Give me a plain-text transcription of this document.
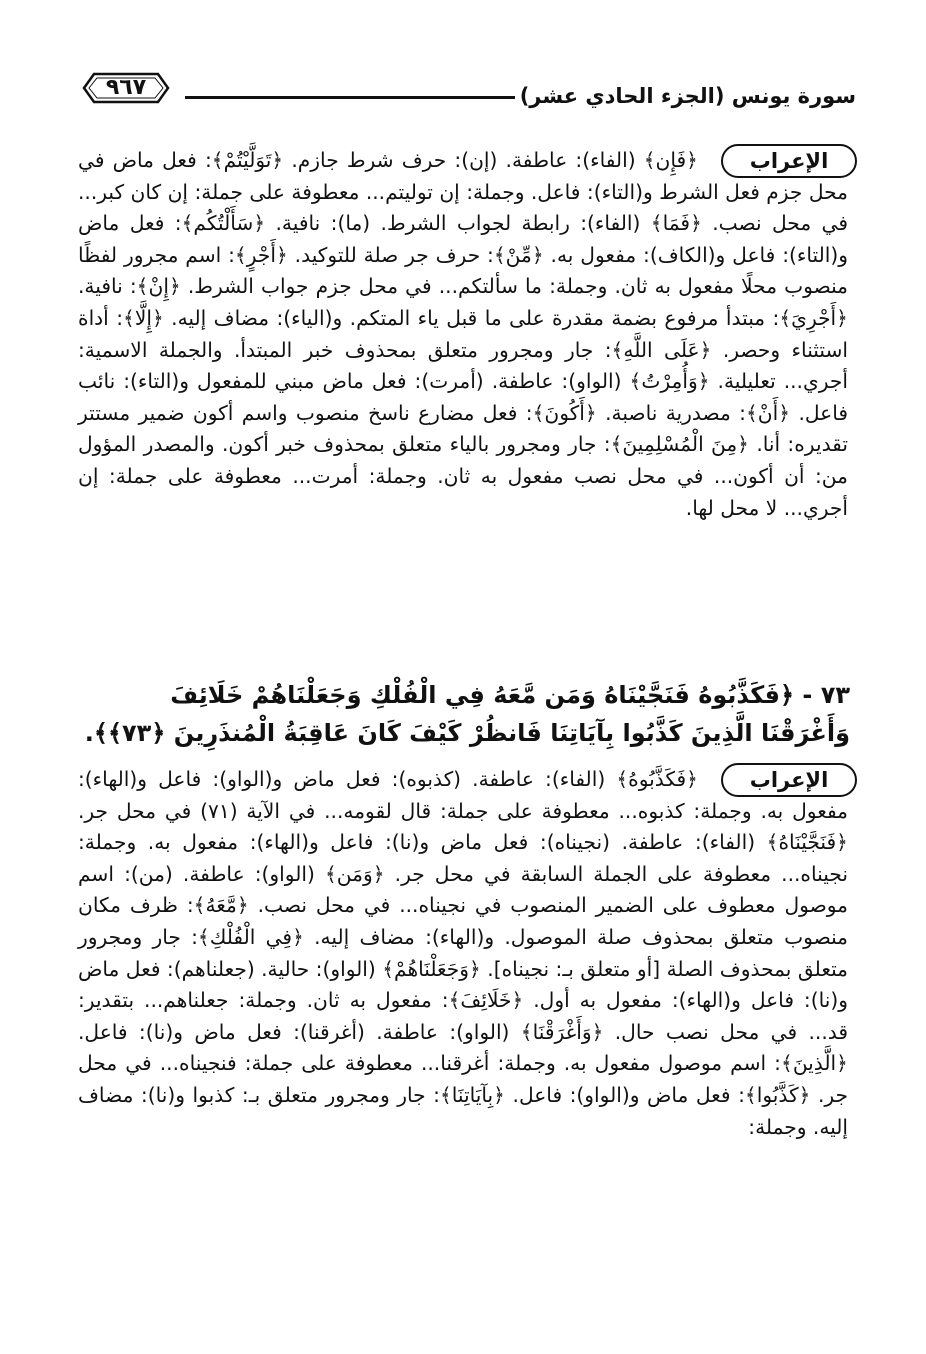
سورة يونس (الجزء الحادي عشر)
٩٦٧
الإعراب
﴿فَإِن﴾ (الفاء): عاطفة. (إن): حرف شرط جازم. ﴿تَوَلَّيْتُمْ﴾: فعل ماض في محل جزم فعل الشرط و(التاء): فاعل. وجملة: إن توليتم... معطوفة على جملة: إن كان كبر... في محل نصب. ﴿فَمَا﴾ (الفاء): رابطة لجواب الشرط. (ما): نافية. ﴿سَأَلْتُكُم﴾: فعل ماض و(التاء): فاعل و(الكاف): مفعول به. ﴿مِّنْ﴾: حرف جر صلة للتوكيد. ﴿أَجْرٍ﴾: اسم مجرور لفظًا منصوب محلًا مفعول به ثان. وجملة: ما سألتكم... في محل جزم جواب الشرط. ﴿إِنْ﴾: نافية. ﴿أَجْرِيَ﴾: مبتدأ مرفوع بضمة مقدرة على ما قبل ياء المتكم. و(الياء): مضاف إليه. ﴿إِلَّا﴾: أداة استثناء وحصر. ﴿عَلَى اللَّهِ﴾: جار ومجرور متعلق بمحذوف خبر المبتدأ. والجملة الاسمية: أجري... تعليلية. ﴿وَأُمِرْتُ﴾ (الواو): عاطفة. (أمرت): فعل ماض مبني للمفعول و(التاء): نائب فاعل. ﴿أَنْ﴾: مصدرية ناصبة. ﴿أَكُونَ﴾: فعل مضارع ناسخ منصوب واسم أكون ضمير مستتر تقديره: أنا. ﴿مِنَ الْمُسْلِمِينَ﴾: جار ومجرور بالياء متعلق بمحذوف خبر أكون. والمصدر المؤول من: أن أكون... في محل نصب مفعول به ثان. وجملة: أمرت... معطوفة على جملة: إن أجري... لا محل لها.
٧٣ - ﴿فَكَذَّبُوهُ فَنَجَّيْنَاهُ وَمَن مَّعَهُ فِي الْفُلْكِ وَجَعَلْنَاهُمْ خَلَائِفَ وَأَغْرَقْنَا الَّذِينَ كَذَّبُوا بِآيَاتِنَا فَانظُرْ كَيْفَ كَانَ عَاقِبَةُ الْمُنذَرِينَ ﴿٧٣﴾﴾.
الإعراب
﴿فَكَذَّبُوهُ﴾ (الفاء): عاطفة. (كذبوه): فعل ماض و(الواو): فاعل و(الهاء): مفعول به. وجملة: كذبوه... معطوفة على جملة: قال لقومه... في الآية (٧١) في محل جر. ﴿فَنَجَّيْنَاهُ﴾ (الفاء): عاطفة. (نجيناه): فعل ماض و(نا): فاعل و(الهاء): مفعول به. وجملة: نجيناه... معطوفة على الجملة السابقة في محل جر. ﴿وَمَن﴾ (الواو): عاطفة. (من): اسم موصول معطوف على الضمير المنصوب في نجيناه... في محل نصب. ﴿مَّعَهُ﴾: ظرف مكان منصوب متعلق بمحذوف صلة الموصول. و(الهاء): مضاف إليه. ﴿فِي الْفُلْكِ﴾: جار ومجرور متعلق بمحذوف الصلة [أو متعلق بـ: نجيناه]. ﴿وَجَعَلْنَاهُمْ﴾ (الواو): حالية. (جعلناهم): فعل ماض و(نا): فاعل و(الهاء): مفعول به أول. ﴿خَلَائِفَ﴾: مفعول به ثان. وجملة: جعلناهم... بتقدير: قد... في محل نصب حال. ﴿وَأَغْرَقْنَا﴾ (الواو): عاطفة. (أغرقنا): فعل ماض و(نا): فاعل. ﴿الَّذِينَ﴾: اسم موصول مفعول به. وجملة: أغرقنا... معطوفة على جملة: فنجيناه... في محل جر. ﴿كَذَّبُوا﴾: فعل ماض و(الواو): فاعل. ﴿بِآيَاتِنَا﴾: جار ومجرور متعلق بـ: كذبوا و(نا): مضاف إليه. وجملة:
